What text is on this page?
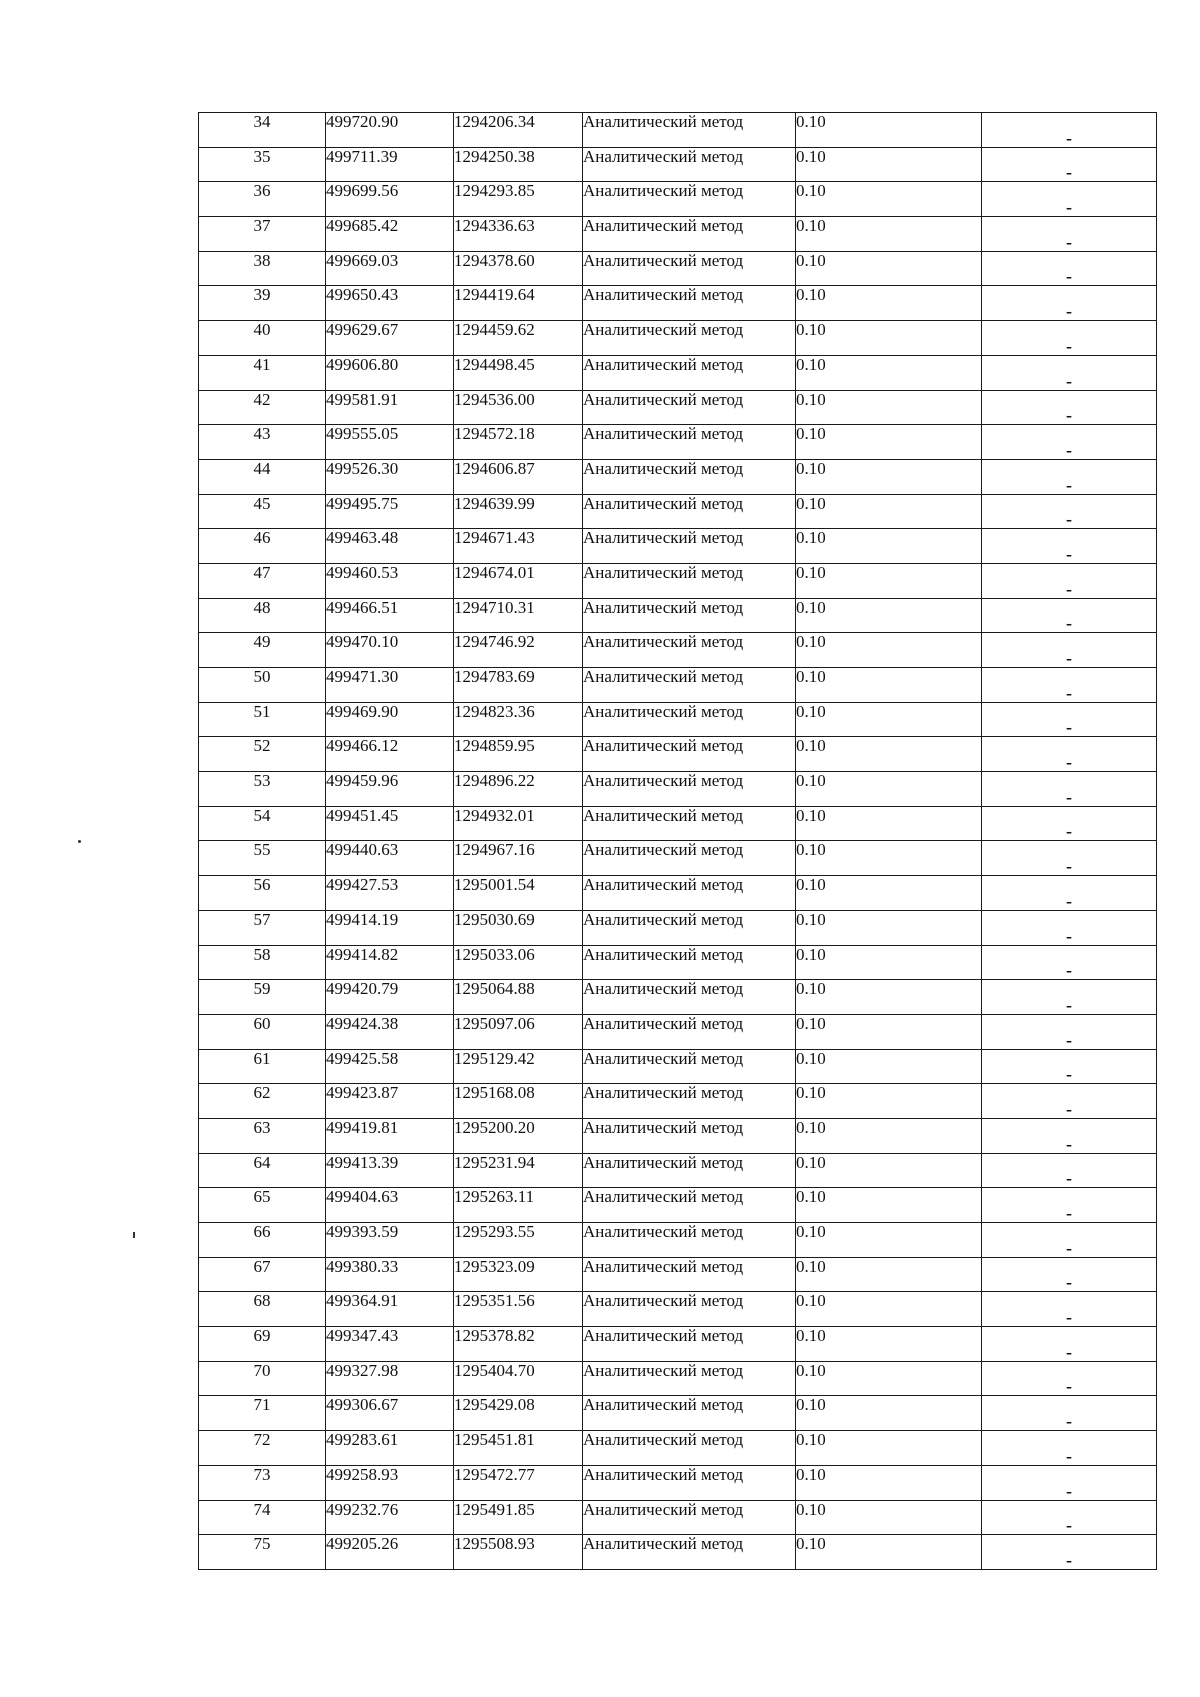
34	499720.90	1294206.34	Аналитический метод	0.10	-

35	499711.39	1294250.38	Аналитический метод	0.10	-

36	499699.56	1294293.85	Аналитический метод	0.10	-

37	499685.42	1294336.63	Аналитический метод	0.10	-

38	499669.03	1294378.60	Аналитический метод	0.10	-

39	499650.43	1294419.64	Аналитический метод	0.10	-

40	499629.67	1294459.62	Аналитический метод	0.10	-

41	499606.80	1294498.45	Аналитический метод	0.10	-

42	499581.91	1294536.00	Аналитический метод	0.10	-

43	499555.05	1294572.18	Аналитический метод	0.10	-

44	499526.30	1294606.87	Аналитический метод	0.10	-

45	499495.75	1294639.99	Аналитический метод	0.10	-

46	499463.48	1294671.43	Аналитический метод	0.10	-

47	499460.53	1294674.01	Аналитический метод	0.10	-

48	499466.51	1294710.31	Аналитический метод	0.10	-

49	499470.10	1294746.92	Аналитический метод	0.10	-

50	499471.30	1294783.69	Аналитический метод	0.10	-

51	499469.90	1294823.36	Аналитический метод	0.10	-

52	499466.12	1294859.95	Аналитический метод	0.10	-

53	499459.96	1294896.22	Аналитический метод	0.10	-

54	499451.45	1294932.01	Аналитический метод	0.10	-

55	499440.63	1294967.16	Аналитический метод	0.10	-

56	499427.53	1295001.54	Аналитический метод	0.10	-

57	499414.19	1295030.69	Аналитический метод	0.10	-

58	499414.82	1295033.06	Аналитический метод	0.10	-

59	499420.79	1295064.88	Аналитический метод	0.10	-

60	499424.38	1295097.06	Аналитический метод	0.10	-

61	499425.58	1295129.42	Аналитический метод	0.10	-

62	499423.87	1295168.08	Аналитический метод	0.10	-

63	499419.81	1295200.20	Аналитический метод	0.10	-

64	499413.39	1295231.94	Аналитический метод	0.10	-

65	499404.63	1295263.11	Аналитический метод	0.10	-

66	499393.59	1295293.55	Аналитический метод	0.10	-

67	499380.33	1295323.09	Аналитический метод	0.10	-

68	499364.91	1295351.56	Аналитический метод	0.10	-

69	499347.43	1295378.82	Аналитический метод	0.10	-

70	499327.98	1295404.70	Аналитический метод	0.10	-

71	499306.67	1295429.08	Аналитический метод	0.10	-

72	499283.61	1295451.81	Аналитический метод	0.10	-

73	499258.93	1295472.77	Аналитический метод	0.10	-

74	499232.76	1295491.85	Аналитический метод	0.10	-

75	499205.26	1295508.93	Аналитический метод	0.10	-
